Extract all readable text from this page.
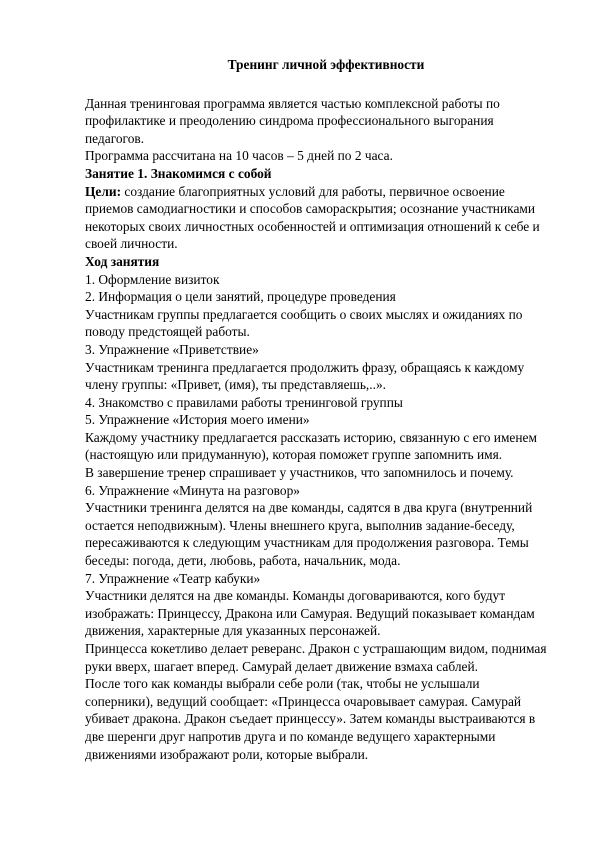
Тренинг личной эффективности

Данная тренинговая программа является частью комплексной работы по профилактике и преодолению синдрома профессионального выгорания педагогов.

Программа рассчитана на 10 часов – 5 дней по 2 часа.

Занятие 1. Знакомимся с собой

Цели: создание благоприятных условий для работы, первичное освоение приемов самодиагностики и способов самораскрытия; осознание участниками некоторых своих личностных особенностей и оптимизация отношений к себе и своей личности.

Ход занятия

1. Оформление визиток

2. Информация о цели занятий, процедуре проведения

Участникам группы предлагается сообщить о своих мыслях и ожиданиях по поводу предстоящей работы.

3. Упражнение «Приветствие»

Участникам тренинга предлагается продолжить фразу, обращаясь к каждому члену группы: «Привет, (имя), ты представляешь,..».

4. Знакомство с правилами работы тренинговой группы

5. Упражнение «История моего имени»

Каждому участнику предлагается рассказать историю, связанную с его именем (настоящую или придуманную), которая поможет группе запомнить имя.

В завершение тренер спрашивает у участников, что запомнилось и почему.

6. Упражнение «Минута на разговор»

Участники тренинга делятся на две команды, садятся в два круга (внутренний остается неподвижным). Члены внешнего круга, выполнив задание-беседу, пересаживаются к следующим участникам для продолжения разговора. Темы беседы: погода, дети, любовь, работа, начальник, мода.

7. Упражнение «Театр кабуки»

Участники делятся на две команды. Команды договариваются, кого будут изображать: Принцессу, Дракона или Самурая. Ведущий показывает командам движения, характерные для указанных персонажей.

Принцесса кокетливо делает реверанс. Дракон с устрашающим видом, поднимая руки вверх, шагает вперед. Самурай делает движение взмаха саблей.

После того как команды выбрали себе роли (так, чтобы не услышали соперники), ведущий сообщает: «Принцесса очаровывает самурая. Самурай убивает дракона. Дракон съедает принцессу». Затем команды выстраиваются в две шеренги друг напротив друга и по команде ведущего характерными движениями изображают роли, которые выбрали.
